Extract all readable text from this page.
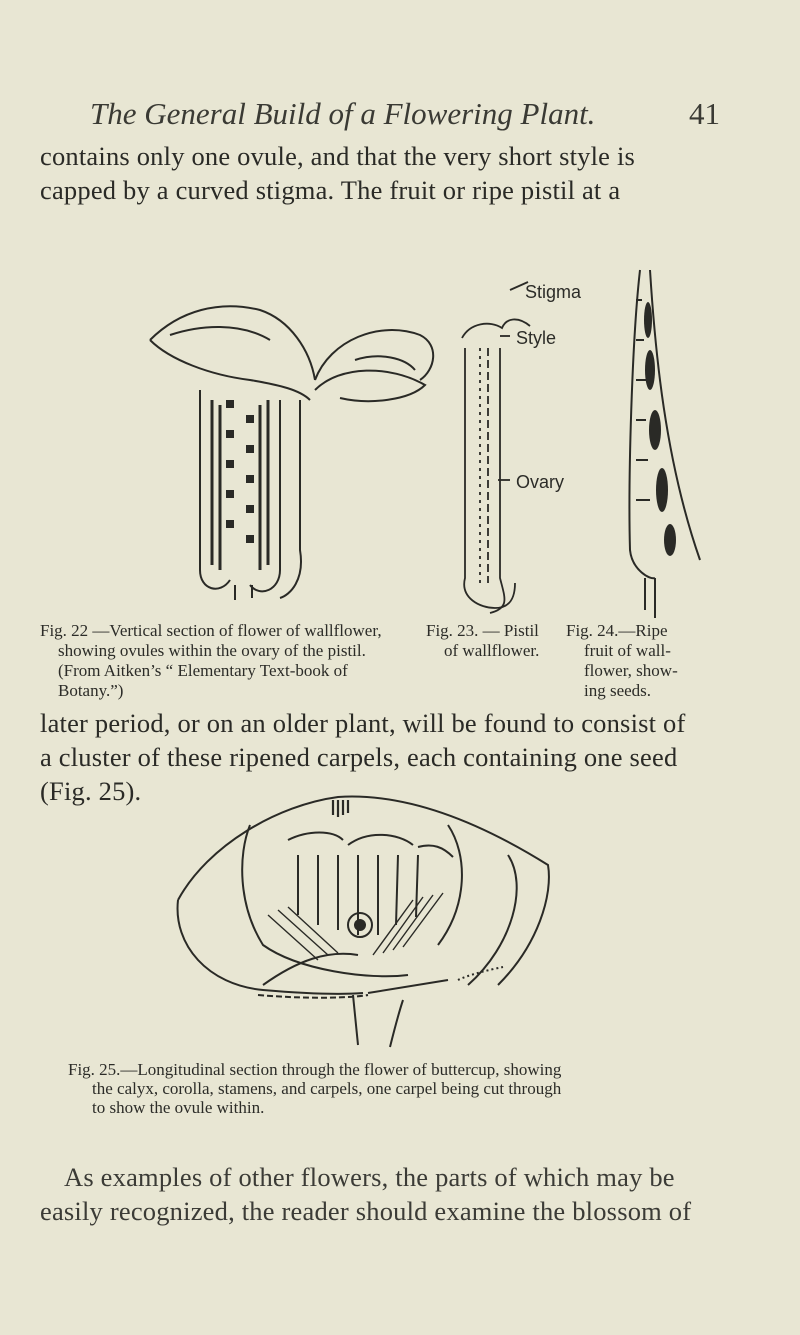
The General Build of a Flowering Plant.	41
contains only one ovule, and that the very short style is
capped by a curved stigma. The fruit or ripe pistil at a
Stigma
Style
Ovary
Fig. 22 —Vertical section of flower of wallflower,
showing ovules within the ovary of the pistil.
(From Aitken’s “ Elementary Text-book of
Botany.”)
Fig. 23. — Pistil
of wallflower.
Fig. 24.—Ripe
fruit of wall-
flower, show-
ing seeds.
later period, or on an older plant, will be found to consist of
a cluster of these ripened carpels, each containing one seed
(Fig. 25).
Fig. 25.—Longitudinal section through the flower of buttercup, showing
the calyx, corolla, stamens, and carpels, one carpel being cut through
to show the ovule within.
As examples of other flowers, the parts of which may be
easily recognized, the reader should examine the blossom of
